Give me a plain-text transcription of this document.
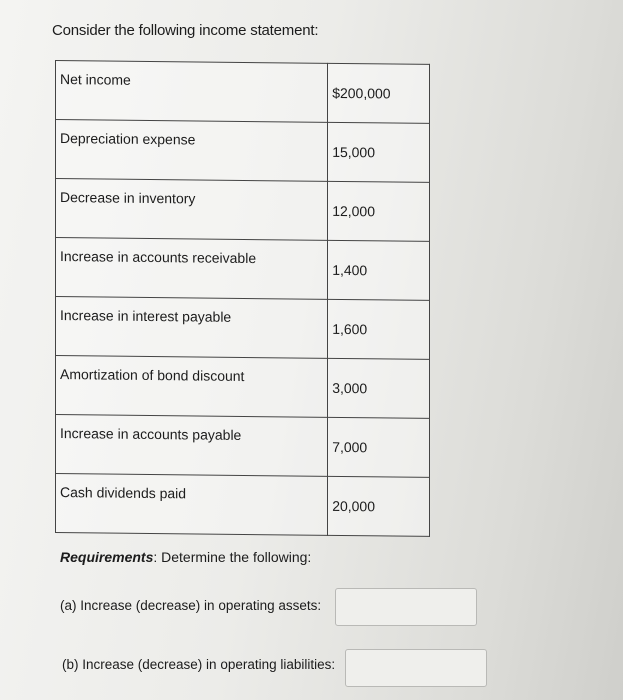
Consider the following income statement:
Net income	$200,000
Depreciation expense	15,000
Decrease in inventory	12,000
Increase in accounts receivable	1,400
Increase in interest payable	1,600
Amortization of bond discount	3,000
Increase in accounts payable	7,000
Cash dividends paid	20,000
Requirements: Determine the following:
(a) Increase (decrease) in operating assets:
(b) Increase (decrease) in operating liabilities:
